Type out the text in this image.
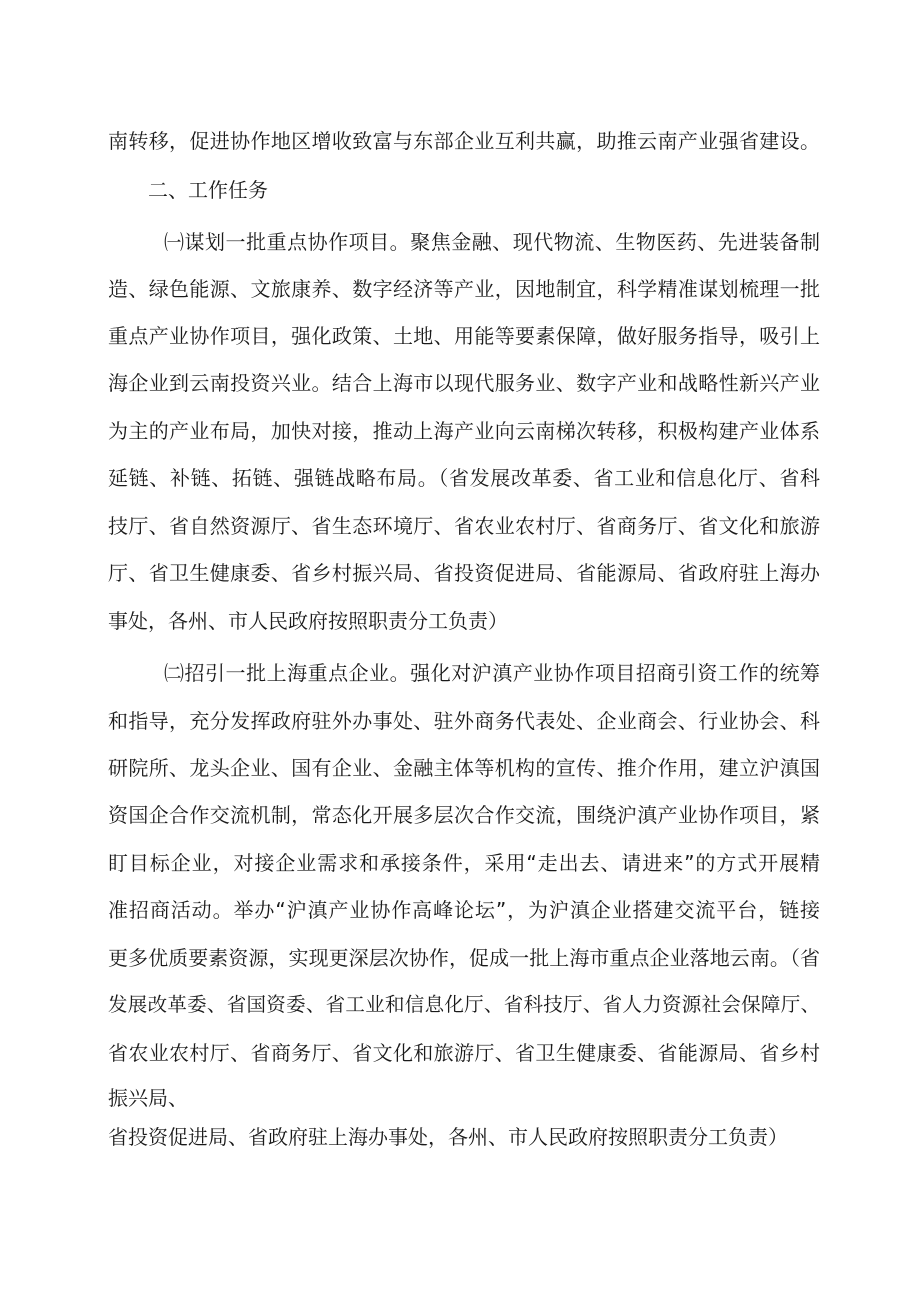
南转移，促进协作地区增收致富与东部企业互利共赢，助推云南产业强省建设。
二、工作任务
㈠谋划一批重点协作项目。聚焦金融、现代物流、生物医药、先进装备制
造、绿色能源、文旅康养、数字经济等产业，因地制宜，科学精准谋划梳理一批
重点产业协作项目，强化政策、土地、用能等要素保障，做好服务指导，吸引上
海企业到云南投资兴业。结合上海市以现代服务业、数字产业和战略性新兴产业
为主的产业布局，加快对接，推动上海产业向云南梯次转移，积极构建产业体系
延链、补链、拓链、强链战略布局。（省发展改革委、省工业和信息化厅、省科
技厅、省自然资源厅、省生态环境厅、省农业农村厅、省商务厅、省文化和旅游
厅、省卫生健康委、省乡村振兴局、省投资促进局、省能源局、省政府驻上海办
事处，各州、市人民政府按照职责分工负责）
㈡招引一批上海重点企业。强化对沪滇产业协作项目招商引资工作的统筹
和指导，充分发挥政府驻外办事处、驻外商务代表处、企业商会、行业协会、科
研院所、龙头企业、国有企业、金融主体等机构的宣传、推介作用，建立沪滇国
资国企合作交流机制，常态化开展多层次合作交流，围绕沪滇产业协作项目，紧
盯目标企业，对接企业需求和承接条件，采用“走出去、请进来”的方式开展精
准招商活动。举办“沪滇产业协作高峰论坛”，为沪滇企业搭建交流平台，链接
更多优质要素资源，实现更深层次协作，促成一批上海市重点企业落地云南。（省
发展改革委、省国资委、省工业和信息化厅、省科技厅、省人力资源社会保障厅、
省农业农村厅、省商务厅、省文化和旅游厅、省卫生健康委、省能源局、省乡村
振兴局、
省投资促进局、省政府驻上海办事处，各州、市人民政府按照职责分工负责）
